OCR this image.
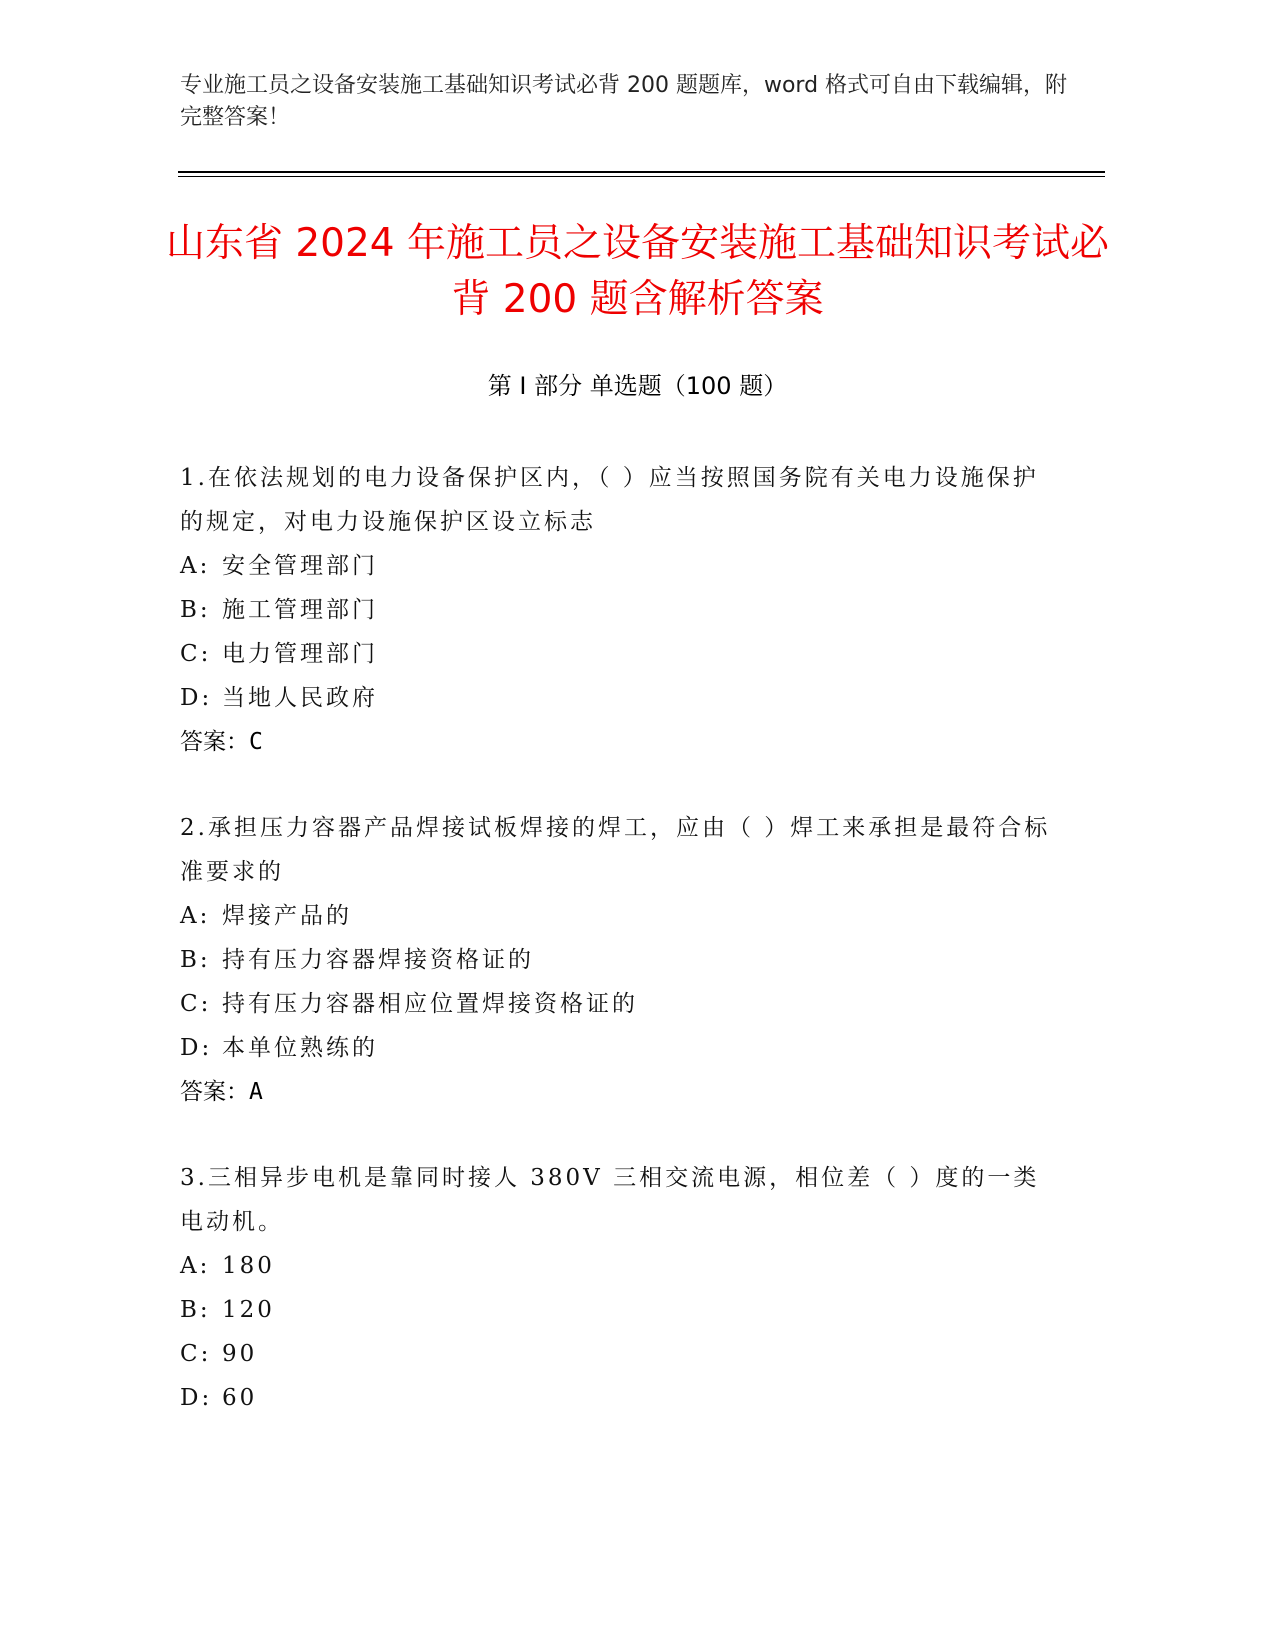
专业施工员之设备安装施工基础知识考试必背 200 题题库，word 格式可自由下载编辑，附完整答案！

山东省 2024 年施工员之设备安装施工基础知识考试必背 200 题含解析答案
第 I 部分 单选题（100 题）

1.在依法规划的电力设备保护区内，（ ）应当按照国务院有关电力设施保护的规定，对电力设施保护区设立标志

A: 安全管理部门
B: 施工管理部门
C: 电力管理部门
D: 当地人民政府

答案：C

2.承担压力容器产品焊接试板焊接的焊工，应由（ ）焊工来承担是最符合标准要求的

A: 焊接产品的
B: 持有压力容器焊接资格证的
C: 持有压力容器相应位置焊接资格证的
D: 本单位熟练的

答案：A

3.三相异步电机是靠同时接人 380V 三相交流电源，相位差（ ）度的一类电动机。

A: 180
B: 120
C: 90
D: 60
